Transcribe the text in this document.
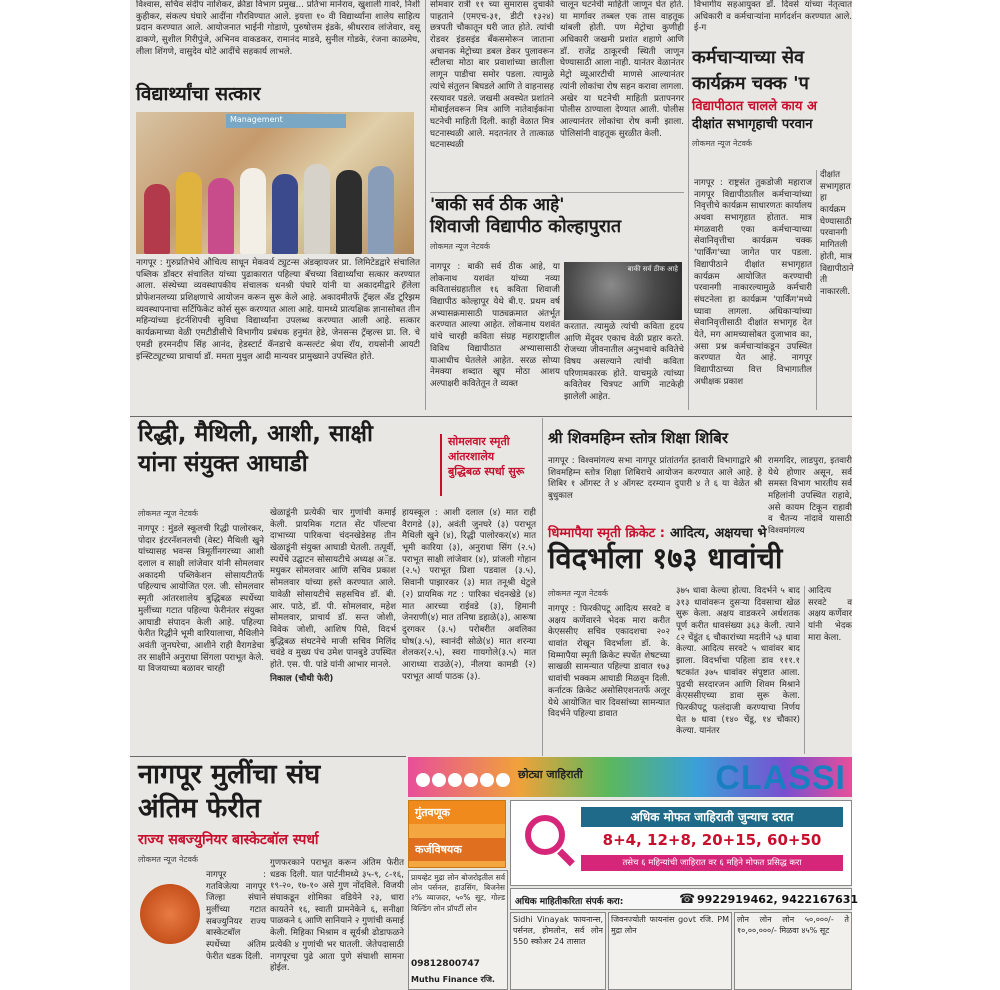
विश्वास, सचिव संदीप नाशिकर, क्रीडा विभाग प्रमुख... प्रतिभा मानेराव, खुशाली गावरे, निशी कुहीकर, संकल्प घंघारे आदींना गौरविण्यात आले. इयत्ता १० वी विद्यार्थ्यांना शालेय साहित्य प्रदान करण्यात आले. आयोजनात भाईनी गोडाणे, पुरुषोत्तम इंडके, श्रीधरराव लांजेवार, वसू ढाकणे, सुशील गिरीपुंजे, अभिनव वाकडकर, रामानंद माडवे, सुनील गोडके, रंजना काळमेघ, लीला शिंगणे, वासुदेव थोटे आदींचे सहकार्य लाभले.
विद्यार्थ्यांचा सत्कार
Management
नागपूर : गुरुप्रतिभेचे औचित्य साधून मेकवर्थ ट्युटन्स अंडव्हायजर प्रा. लिमिटेडद्वारे संचालित पब्लिक डॉक्टर संचालित यांच्या पुढाकारात पहिल्या बॅचच्या विद्यार्थ्यांचा सत्कार करण्यात आला. संस्थेच्या व्यवस्थापकीय संचालक धनश्री पंघारे यांनी या अकादमीद्वारे हॅलेला प्रोफेशनलच्या प्रशिक्षणाचे आयोजन करून सुरू केले आहे. अकादमीतर्फे ट्रॅव्हल अँड टूरिझम व्यवस्थापनाचा सर्टिफिकेट कोर्स सुरू करण्यात आला आहे. यामध्ये प्रात्यक्षिक ज्ञानासोबत तीन महिन्यांच्या इंटर्नशिपची सुविधा विद्यार्थ्यांना उपलब्ध करण्यात आली आहे. सत्कार कार्यक्रमाच्या वेळी एमटीडीसीचे विभागीय प्रबंधक हनुमंत हेडे, जेनसन्स ट्रॅव्हल्स प्रा. लि. चे एमडी हरमनदीप सिंह आनंद, हेडस्टार्ट कॅनडाचे कन्सल्टंट श्रेया रॉय, रायसोनी आयटी इन्स्टिट्यूटच्या प्राचार्या डॉ. ममता मुथुल आदी मान्यवर प्रामुख्याने उपस्थित होते.
सोमवार रात्री ११ च्या सुमारास दुचाकी पाहताने (एमएच-३१, डीटी १३२४) छत्रपती चौकातून घरी जात होते. त्यांची रोडवर इंडसइंड बँकसमोरून जाताना अचानक मेट्रोच्या डबल डेकर पुलावरून स्टीलचा मोठा बार प्रवाशांच्या छातीला लागून पाडीचा समोर पडला. त्यामुळे त्यांचे संतुलन बिघडले आणि ते वाहनासह रस्त्यावर पडले. जखमी अवस्थेत प्रशांतने मोबाईलवरून मित्र आणि नातेवाईकांना घटनेची माहिती दिली. काही वेळात मित्र घटनास्थळी आले. मदतनंतर ते तात्काळ घटनास्थळी
चालून घटनेची माहिती जाणून घेत होते. या मार्गावर तब्बल एक तास वाहतूक थांबली होती. पण मेट्रोचा कुणीही अधिकारी जखमी प्रशांत शहाणे आणि डॉ. राजेंद्र ठाकूरची स्थिती जाणून घेण्यासाठी आला नाही. यानंतर वेळानंतर मेट्रो व्यूआरटीची माणसे आल्यानंतर त्यांनी लोकांचा रोष सहन करावा लागला. अखेर या घटनेची माहिती प्रतापनगर पोलीस ठाण्याला देण्यात आली. पोलीस आल्यानंतर लोकांचा रोष कमी झाला. पोलिसांनी वाहतूक सुरळीत केली.
'बाकी सर्व ठीक आहे'
शिवाजी विद्यापीठ कोल्हापुरात
लोकमत न्यूज नेटवर्क
नागपूर : बाकी सर्व ठीक आहे, या लोकनाथ यशवंत यांच्या नव्या कवितासंग्रहातील १६ कविता शिवाजी विद्यापीठ कोल्हापूर येथे बी.ए. प्रथम वर्ष अभ्यासक्रमासाठी पाठ्यक्रमात अंतर्भूत करण्यात आल्या आहेत. लोकनाथ यशवंत यांचे चारही कविता संग्रह महाराष्ट्रातील विविध विद्यापीठात अभ्यासासाठी याआधीच घेतलेले आहेत. सरळ सोप्या नेमक्या शब्दात खूप मोठा आशय अल्पाक्षरी कवितेतून ते व्यक्त
बाकी सर्व ठीक आहे
करतात. त्यामुळे त्यांची कविता हृदय आणि मेंदूवर एकाच वेळी प्रहार करते. रोजच्या जीवनातील अनुभवाचे कवितेचे विषय असल्याने त्यांची कविता परिणामकारक होते. याचमुळे त्यांच्या कवितेवर चित्रपट आणि नाटकेही झालेली आहेत.
विभागीय सहआयुक्त डॉ. दिवसे यांच्या नेतृत्वात अधिकारी व कर्मचाऱ्यांना मार्गदर्शन करण्यात आले. ई-ग
कर्मचाऱ्याच्या सेव
कार्यक्रम चक्क 'प
विद्यापीठात चालले काय अ
दीक्षांत सभागृहाची परवान
लोकमत न्यूज नेटवर्क
नागपूर : राष्ट्रसंत तुकडोजी महाराज नागपूर विद्यापीठातील कर्मचाऱ्यांच्या निवृत्तीचे कार्यक्रम साधारणतः कार्यालय अथवा सभागृहात होतात. मात्र मंगळवारी एका कर्मचाऱ्याच्या सेवानिवृत्तीचा कार्यक्रम चक्क 'पार्किंग'च्या जागेत पार पडला. विद्यापीठाने दीक्षांत सभागृहात कार्यक्रम आयोजित करण्याची परवानगी नाकारल्यामुळे कर्मचारी संघटनेला हा कार्यक्रम 'पार्किंग'मध्ये घ्यावा लागला. अधिकाऱ्यांच्या सेवानिवृत्तीसाठी दीक्षांत सभागृह देत येते, मग आमच्यासोबत दुजाभाव का, असा प्रश्न कर्मचाऱ्यांकडून उपस्थित करण्यात येत आहे. नागपूर विद्यापीठाच्या वित्त विभागातील अधीक्षक प्रकाश
दीक्षांत सभागृहात हा कार्यक्रम घेण्यासाठी परवानगी मागितली होती, मात्र विद्यापीठाने ती नाकारली.
रिद्धी, मैथिली, आशी, साक्षी
यांना संयुक्त आघाडी
सोमलवार स्मृती
आंतरशालेय
बुद्धिबळ स्पर्धा सुरू
लोकमत न्यूज नेटवर्क
नागपूर : मुंडले स्कूलची रिद्धी पालोरकर, पोदार इंटरनॅशनलची (वेस्ट) मैथिली खुने यांच्यासह भवन्स त्रिमूर्तीनगरच्या आशी दलाल व साक्षी लांजेवार यांनी सोमलवार अकादमी पब्लिकेशन सोसायटीतर्फे पहिल्याच आयोजित एल. जी. सोमलवार स्मृती आंतरशालेय बुद्धिबळ स्पर्धेच्या मुलींच्या गटात पहिल्या फेरीनंतर संयुक्त आघाडी संपादन केली आहे. पहिल्या फेरीत रिद्धीने भूमी वारियालाचा, मैथिलीने अवंती जुनघरेचा, आशीने राही वैरागडेचा तर साक्षीने अनुराधा सिंगला पराभूत केले. या विजयाच्या बळावर चारही
खेळाडूंनी प्रत्येकी चार गुणांची कमाई केली. प्रायमिक गटात सेंट पॉल्टचा दाभाच्या पारिकचा चंदनखेडेसह तीन खेळाडूंनी संयुक्त आघाडी घेतली. तत्पूर्वी, स्पर्धेचे उद्घाटन सोसायटीचे अध्यक्ष अॅड. मधुकर सोमलवार आणि सचिव प्रकाश सोमलवार यांच्या हस्ते करण्यात आले. यावेळी सोसायटीचे सहसचिव डॉ. बी. आर. पाठे, डॉ. पी. सोमलवार, महेश सोमलवार, प्राचार्य डॉ. सन्त जोशी, विवेक जोशी, आशिष पिसे, विदर्भ बुद्धिबळ संघटनेचे माजी सचिव मिलिंद चवंडे व मुख्य पंच उमेश पानबुडे उपस्थित होते. एस. पी. पांडे यांनी आभार मानले.
निकाल (चौथी फेरी)
हायस्कूल : आशी दलाल (४) मात राही वैरागडे (३), अवंती जुनघरे (३) पराभूत मैथिली खुने (४), रिद्धी पालोरकर(४) मात भूमी कारिया (३), अनुराधा सिंग (२.५) पराभूत साक्षी लांजेवार (४), प्रांजली गोहान (२.५) पराभूत प्रिशा पडवाल (३.५), सिवानी पाझारकर (३) मात तनूश्री थेटुले (२) प्रायमिक गट : पारिका चंदनखेडे (४) मात आरच्या राईवडे (३), हिमानी जेनराणी(४) मात तनिषा डहाळे(३), आरूषा दुरगकर (३.५) परोबरीत अवलिका घोष(३.५), स्वानंदी सोळे(४) मात शरन्या शेलकर(२.५), स्वरा गायगोले(३.५) मात आराध्या राउळे(२), नीलया कामडी (२) पराभूत आर्या पाठक (३).
श्री शिवमहिम्न स्तोत्र शिक्षा शिबिर
नागपूर : विश्वमांगल्य सभा नागपूर प्रांतांतर्गत इतवारी विभागाद्वारे श्री शिवमहिम्न स्तोत्र शिक्षा शिबिराचे आयोजन करण्यात आले आहे. हे शिबिर १ ऑगस्ट ते ४ ऑगस्ट दरम्यान दुपारी ४ ते ६ या वेळेत श्री बुधुकाल
रामगदिर, लाडपुरा, इतवारी येथे होणार असून, सर्व समस्त विभाग भारतीय सर्व महिलांनी उपस्थित राहावे, असे कायम टिकून राहावी व चैतन्य नांदावे यासाठी विश्वमांगल्य
धिम्मापैया स्मृती क्रिकेट : आदित्य, अक्षयचा भे
विदर्भाला १७३ धावांची
लोकमत न्यूज नेटवर्क
नागपूर : फिरकीपटू आदित्य सरवटे व अक्षय कर्णेवारने भेदक मारा करीत केएससीए सचिव एकादशचा २०२ धावांत रोखून विदर्भाला डॉ. के. थिम्मापैया स्मृती क्रिकेट स्पर्धेत शेषटच्या साखळी सामन्यात पहिल्या डावात १७३ धावांची भक्कम आघाडी मिळवून दिली. कर्नाटक क्रिकेट असोसिएशनतर्फे अलूर येथे आयोजित चार दिवसांच्या सामन्यात विदर्भने पहिल्या डावात
३७५ धावा केल्या होत्या. विदर्भने ५ बाद ३१३ धावांवरून दुसऱ्या दिवसाचा खेळ सुरू केला. अक्षय वाडकरने अर्धशतक पूर्ण करीत धावसंख्या ३६३ केली. त्याने ८२ चेंडूंत ६ चौकारांच्या मदतीने ५३ धावा केल्या. आदित्य सरवटे ५ धावांवर बाद झाला. विदर्भाचा पहिला डाव १११.१ षटकांत ३७५ धावांवर संपुष्टात आला. पुढची सरदारजन आणि शिवम मिश्राने केएससीएच्या डावा सुरू केला. फिरकीपटू फलंदाजी करण्याचा निर्णय घेत ७ धावा (१४० चेंडू, १४ चौकार) केल्या. यानंतर
आदित्य सरवटे व अक्षय कर्णेवार यांनी भेदक मारा केला.
नागपूर मुलींचा संघ
अंतिम फेरीत
राज्य सबज्युनियर बास्केटबॉल स्पर्धा
लोकमत न्यूज नेटवर्क
नागपूर : गतविजेत्या नागपूर जिल्हा संघाने मुलींच्या गटात सबज्युनियर राज्य बास्केटबॉल स्पर्धेच्या अंतिम फेरीत धडक दिली.
गुणफरकाने पराभूत करून अंतिम फेरीत धडक दिली. यात पार्टनीमध्ये ३५-९, ८-१६, १९-२०, १७-१० असे गुण नोंदविले. विजयी संघाकडून शोमिका वडियेने २३, धारा कायतेने १६, स्वाती प्रामनेकेने ६, सनीक्षा पाळकने ६ आणि सानियाने २ गुणांची कमाई केली. मिहिका भिश्राम व सूर्यश्री ढोडाफळने प्रत्येकी ४ गुणांची भर घातली. जेतेपदासाठी नागपूरचा पुढे आता पुणे संघाशी सामना होईल.
छोट्या जाहिराती	CLASSI
गुंतवणूक
कर्जविषयक
अधिक मोफत जाहिराती जुन्याच दरात
8+4, 12+8, 20+15, 60+50
तसेच ६ महिन्यांची जाहिरात वर ६ महिने मोफत प्रसिद्ध करा
अधिक माहितीकरिता संपर्क करा:	☎ 9922919462, 9422167631
प्रायव्हेट मुद्रा लोन बोजरोइतील सर्व लोन पर्सनल, हाउसिंग, बिजनेस २% व्याजदर, ५०% सूट, गोल्ड बिल्डिंग लोन प्रॉपर्टी लोन
09812800747
Muthu Finance रजि.
Sidhi Vinayak फायनान्स, पर्सनल, होमलोन, सर्व लोन 550 स्कोअर 24 तासात
जिवनज्योती फायनांस govt रजि. PM मुद्रा लोन
लोन लोन लोन ५०,०००/- ते १०,००,०००/- मिळवा ४५% सूट
